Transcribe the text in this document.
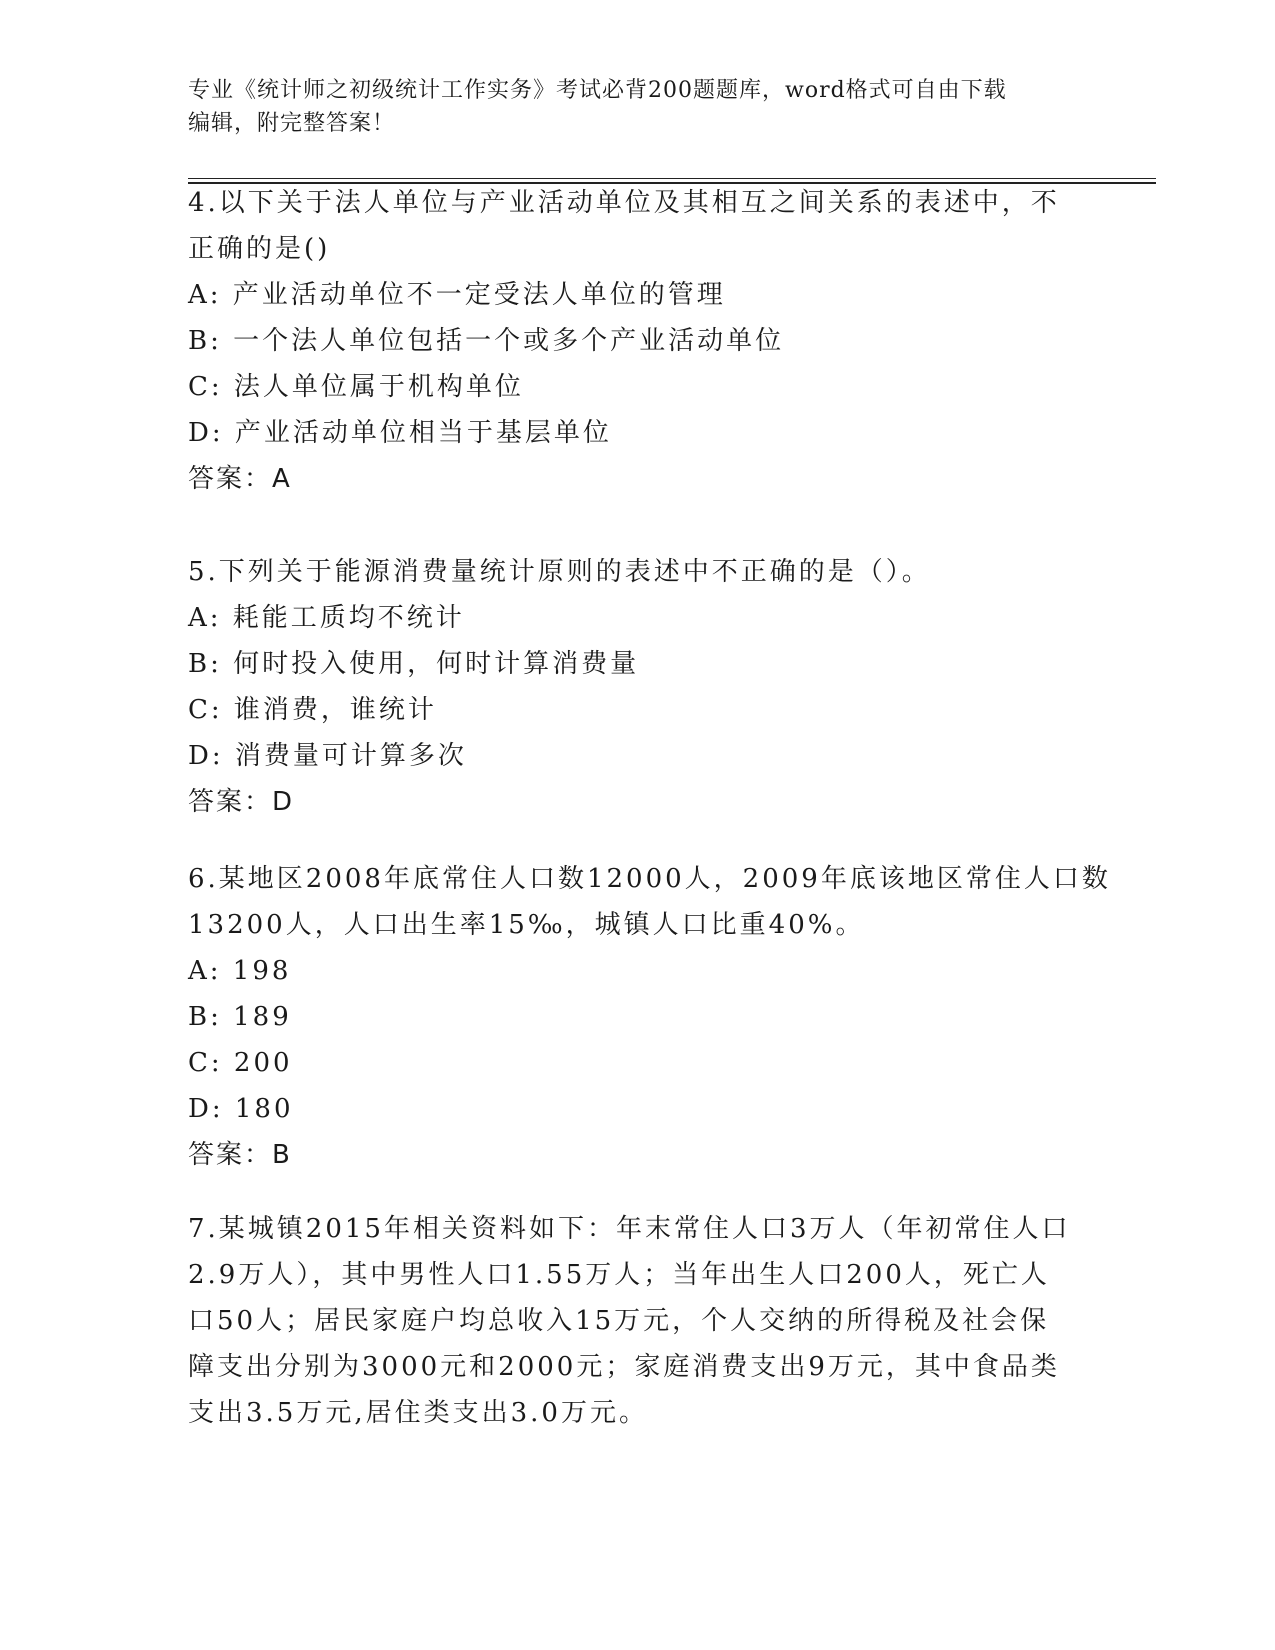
专业《统计师之初级统计工作实务》考试必背200题题库，word格式可自由下载
编辑，附完整答案！
4.以下关于法人单位与产业活动单位及其相互之间关系的表述中，不
正确的是()
A: 产业活动单位不一定受法人单位的管理
B: 一个法人单位包括一个或多个产业活动单位
C: 法人单位属于机构单位
D: 产业活动单位相当于基层单位
答案：A
5.下列关于能源消费量统计原则的表述中不正确的是（）。
A: 耗能工质均不统计
B: 何时投入使用，何时计算消费量
C: 谁消费，谁统计
D: 消费量可计算多次
答案：D
6.某地区2008年底常住人口数12000人，2009年底该地区常住人口数
13200人，人口出生率15‰，城镇人口比重40%。
A: 198
B: 189
C: 200
D: 180
答案：B
7.某城镇2015年相关资料如下：年末常住人口3万人（年初常住人口
2.9万人），其中男性人口1.55万人；当年出生人口200人，死亡人
口50人；居民家庭户均总收入15万元，个人交纳的所得税及社会保
障支出分别为3000元和2000元；家庭消费支出9万元，其中食品类
支出3.5万元,居住类支出3.0万元。
